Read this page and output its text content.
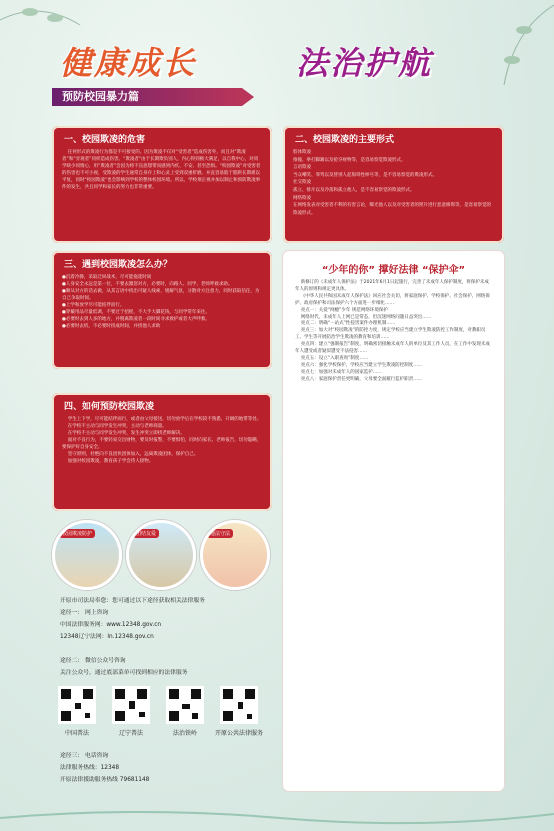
健康成长	法治护航
预防校园暴力篇
一、校园欺凌的危害
任何形式的欺凌行为都是不可接受的。因为欺凌不仅对“受害者”造成伤害外，而且对“欺凌者”和“旁观者”同样造成伤害。“欺凌者”由于长期欺负别人，内心得到极大满足，以自我中心，对同学缺少同情心，用“欺凌者”会因为将不良思想带而感到内疚、不安、甚至恐惧。“校园欺凌”对受害者的伤害也不可小视，受欺凌的学生通常自身存上和心灵上受到双重折磨。并直容易陷于陷阱长期难以平复，同时“校园欺凌”也会影响到学校的整体校园环境。所以，学校须正视并加以制止和预防欺凌事件的发生，共且同学和家长的努力也非常重要。
二、校园欺凌的主要形式
肢体欺凌
推撞、拳打脚踢以及抢夺财物等，是容易察觉欺凌形式。
言语欺凌
当众嘲笑、辱骂以及替别人起侮辱性绰号等，是不容易察觉的欺凌形式。
社交欺凌
孤立、排斥以及冷落和孤立他人，是不容易察觉的欺凌形式。
网络欺凌
在网络发表对受害者不利的有害言论，曝光他人以及对受害者的照片进行恶意修饰等，是容易察觉的欺凌形式。
三、遇到校园欺凌怎么办？
●沉着冷静，采取迂回战术，尽可能拖延时间
●人身安全永远是第一位，不要去激怒对方，必要时，向路人、同学、老师呼救求助。
●顺从对方的话去做，从其言语中找出可疑人线索，缓解气氛，分散对方注意力，同时获取信任，为自己争取时间。
●上学和放学尽可能结伴而行。
●穿戴用品尽量低调，不要过于招摇，不大手大脚花钱，与同学常年来往。
●必要时去到人多的地方，并脱离欺凌者一段时间寻求救护或者大声呼救。
●必要时去机，不必要时找成时间，并找他人求助
“少年的你” 撑好法律 “保护伞”
新修订的《未成年人保护法》于2021年6月1日起施行，完善了未成年人保护制度，将保护未成年人的原则和规定更具体。
《中华人民共和国未成年人保护法》回应社会关切，将家庭保护、学校保护、社会保护、网络保护、政府保护和司法保护六个方面进一步细化……
亮点一：关爱“网瘾”少年 规范网络环境保护
网络时代，未成年人上网已是常态，但沉迷网络问题日益突出……
亮点二：明确“一站式”性侵害案件办理机制……
亮点三：加大对“校园欺凌”的防控力度，规定学校应当建立学生欺凌防控工作制度，对教职员工、学生等开展防治学生欺凌的教育和培训……
亮点四：建立“强制报告”制度，明确密切接触未成年人的单位及其工作人员，在工作中发现未成年人遭受或者疑似遭受不法侵害……
亮点五：设立“入职查询”制度……
亮点六：强化学校保护，学校应当建立学生欺凌防控制度……
亮点七：加强对未成年人的国家监护……
亮点八：家庭保护责任更明确，父母要全面履行监护职责……
四、如何预防校园欺凌
学生上下学，尽可能结伴而行，或者由父母接送，切勿放学后在学校较不熟悉、开阔的地带等处。
在学校不主动与同学发生冲突，主动与老师商量。
在学校不主动与同学发生冲突，发生冲突立即找老师解决。
面对不良行为，不要轻易交出财物，要及时报警，不要惧怕，同时向家长、老师报告，切勿隐瞒，要保护好自身安全。
坚守原则，杜绝向不良团伙团体加入，远离欺凌团体，保护自己。
加强对校园欺凌，教育孩子学会待人接物。
校园欺凌防护	团结友爱	遵法守法
开原市司法局奉您：您可通过以下途径获取相关法律服务
途径一： 网上咨询
中国法律服务网：www.12348.gov.cn
12348辽宁法网：ln.12348.gov.cn
途径二： 微信公众号咨询
关注公众号，通过底部菜单可找到相应的法律服务
中国普法	辽宁普法	法治铁岭	开原公共法律服务
途径三： 电话咨询
法律服务热线：12348
开原法律援助服务热线 79681148
